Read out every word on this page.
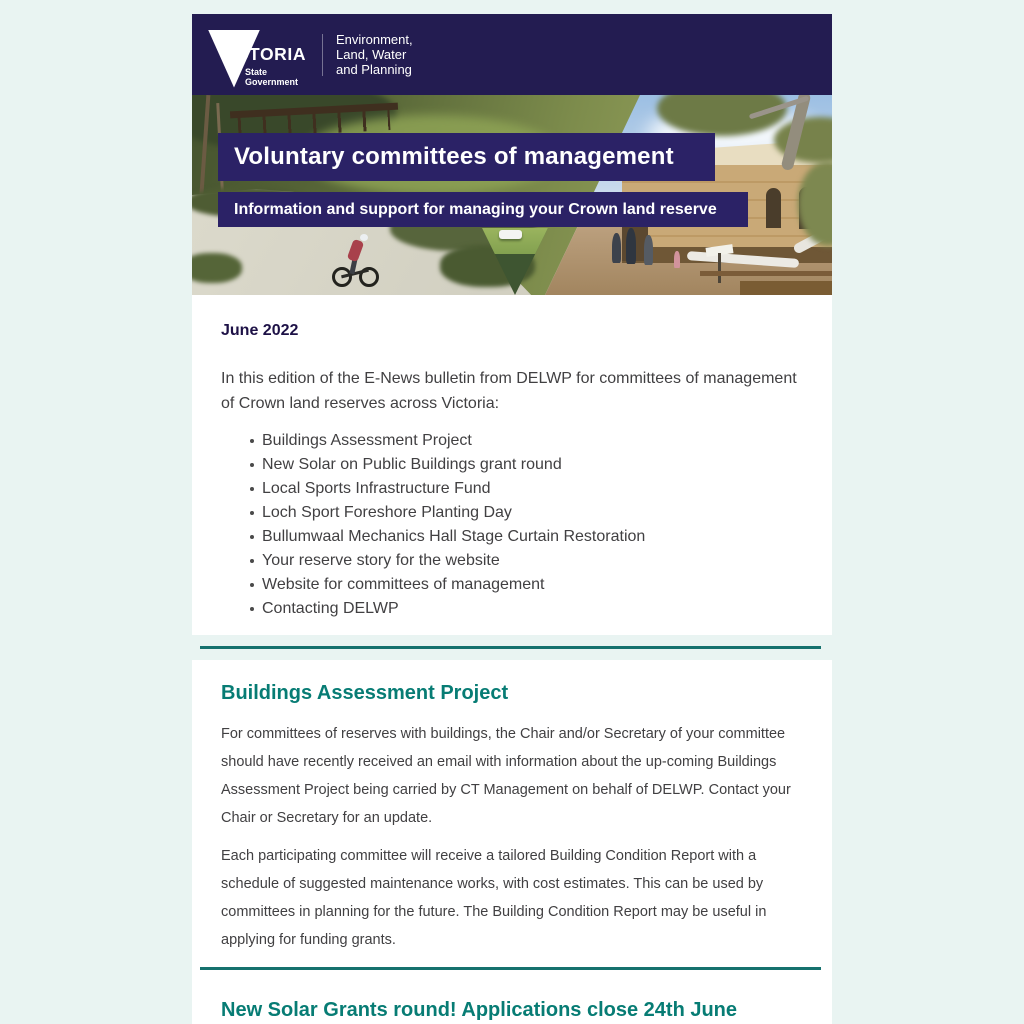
VICTORIA
State
Government
Environment,
Land, Water
and Planning
Voluntary committees of management
Information and support for managing your Crown land reserve
June 2022
In this edition of the E-News bulletin from DELWP for committees of management
of Crown land reserves across Victoria:
Buildings Assessment Project
New Solar on Public Buildings grant round
Local Sports Infrastructure Fund
Loch Sport Foreshore Planting Day
Bullumwaal Mechanics Hall Stage Curtain Restoration
Your reserve story for the website
Website for committees of management
Contacting DELWP
Buildings Assessment Project
For committees of reserves with buildings, the Chair and/or Secretary of your committee
should have recently received an email with information about the up-coming Buildings
Assessment Project being carried by CT Management on behalf of DELWP. Contact your
Chair or Secretary for an update.
Each participating committee will receive a tailored Building Condition Report with a
schedule of suggested maintenance works, with cost estimates. This can be used by
committees in planning for the future. The Building Condition Report may be useful in
applying for funding grants.
New Solar Grants round! Applications close 24th June
